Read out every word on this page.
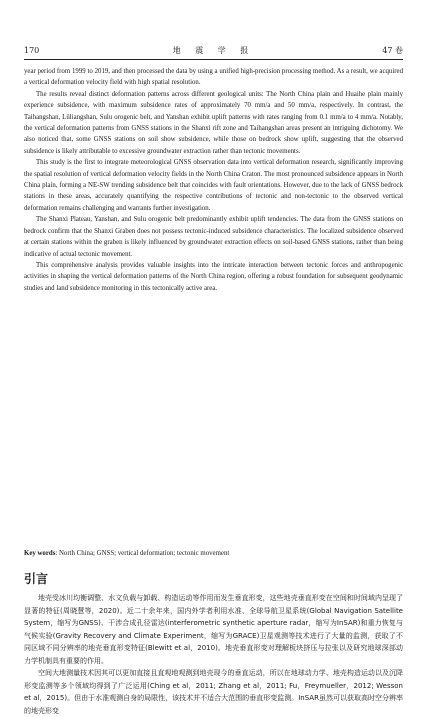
170	地 震 学 报	47 卷

year period from 1999 to 2019, and then processed the data by using a unified high-precision processing method. As a result, we acquired a vertical deformation velocity field with high spatial resolution.

The results reveal distinct deformation patterns across different geological units: The North China plain and Huaihe plain mainly experience subsidence, with maximum subsidence rates of approximately 70 mm/a and 50 mm/a, respectively. In contrast, the Taihangshan, Lüliangshan, Sulu orogenic belt, and Yanshan exhibit uplift patterns with rates ranging from 0.1 mm/a to 4 mm/a. Notably, the vertical deformation patterns from GNSS stations in the Shanxi rift zone and Taihangshan areas present an intriguing dichotomy. We also noticed that, some GNSS stations on soil show subsidence, while those on bedrock show uplift, suggesting that the observed subsidence is likely attributable to excessive groundwater extraction rather than tectonic movements.

This study is the first to integrate meteorological GNSS observation data into vertical deformation research, significantly improving the spatial resolution of vertical deformation velocity fields in the North China Craton. The most pronounced subsidence appears in North China plain, forming a NE-SW trending subsidence belt that coincides with fault orientations. However, due to the lack of GNSS bedrock stations in these areas, accurately quantifying the respective contributions of tectonic and non-tectonic to the observed vertical deformation remains challenging and warrants further investigation.

The Shanxi Plateau, Yanshan, and Sulu orogenic belt predominantly exhibit uplift tendencies. The data from the GNSS stations on bedrock confirm that the Shanxi Graben does not possess tectonic-induced subsidence characteristics. The localized subsidence observed at certain stations within the graben is likely influenced by groundwater extraction effects on soil-based GNSS stations, rather than being indicative of actual tectonic movement.

This comprehensive analysis provides valuable insights into the intricate interaction between tectonic forces and anthropogenic activities in shaping the vertical deformation patterns of the North China region, offering a robust foundation for subsequent geodynamic studies and land subsidence monitoring in this tectonically active area.

Key words: North China; GNSS; vertical deformation; tectonic movement
引言

地壳受冰川均衡调整、水文负载与卸载、构造运动等作用而发生垂直形变，这些地壳垂直形变在空间和时间域内呈现了显著的特征(周晓慧等，2020)。近二十余年来，国内外学者利用水准、全球导航卫星系统(Global Navigation Satellite System，缩写为GNSS)、干涉合成孔径雷达(interferometric synthetic aperture radar，缩写为InSAR)和重力恢复与气候实验(Gravity Recovery and Climate Experiment，缩写为GRACE)卫星观测等技术进行了大量的监测，获取了不同区域不同分辨率的地壳垂直形变特征(Blewitt et al，2010)。地壳垂直形变对理解板块挤压与拉张以及研究地球深部动力学机制具有重要的作用。

空间大地测量技术因其可以更加直接且直观地观测到地壳现今的垂直运动，所以在地球动力学、地壳构造运动以及沉降形变监测等多个领域均得到了广泛运用(Ching et al，2011; Zhang et al，2011; Fu，Freymueller，2012; Wesson et al，2015)。但由于水准观测自身的局限性，该技术并不适合大范围的垂直形变监测。InSAR虽然可以获取高时空分辨率的地壳形变
